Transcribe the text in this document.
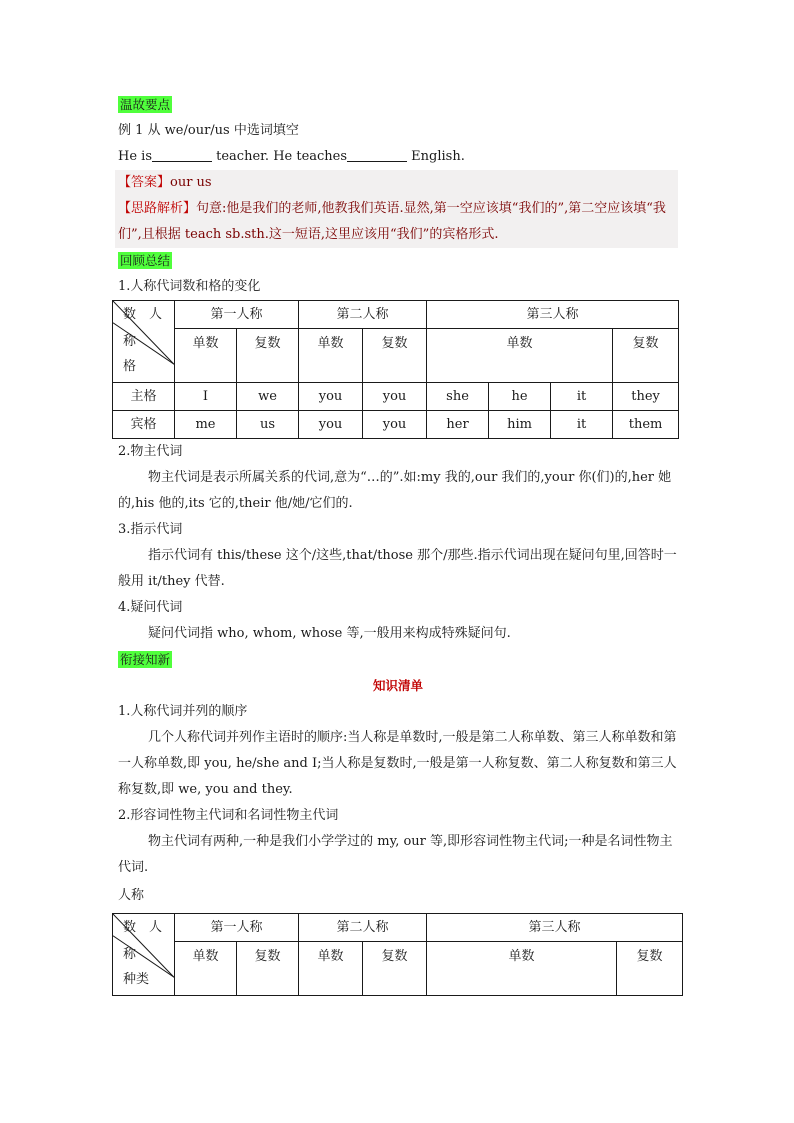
温故要点
例 1 从 we/our/us 中选词填空
He is	teacher. He teaches	English.
【答案】our us
【思路解析】句意:他是我们的老师,他教我们英语.显然,第一空应该填“我们的”,第二空应该填“我们”,且根据 teach sb.sth.这一短语,这里应该用“我们”的宾格形式.
回顾总结
1.人称代词数和格的变化
数　人
称
格	第一人称		第二人称		第三人称			
	单数	复数	单数	复数	单数			复数
主格	I	we	you	you	she	he	it	they
宾格	me	us	you	you	her	him	it	them
2.物主代词
物主代词是表示所属关系的代词,意为“…的”.如:my 我的,our 我们的,your 你(们)的,her 她的,his 他的,its 它的,their 他/她/它们的.
3.指示代词
指示代词有 this/these 这个/这些,that/those 那个/那些.指示代词出现在疑问句里,回答时一般用 it/they 代替.
4.疑问代词
疑问代词指 who, whom, whose 等,一般用来构成特殊疑问句.
衔接知新
知识清单
1.人称代词并列的顺序
几个人称代词并列作主语时的顺序:当人称是单数时,一般是第二人称单数、第三人称单数和第一人称单数,即 you, he/she and I;当人称是复数时,一般是第一人称复数、第二人称复数和第三人称复数,即 we, you and they.
2.形容词性物主代词和名词性物主代词
物主代词有两种,一种是我们小学学过的 my, our 等,即形容词性物主代词;一种是名词性物主代词.
人称
数　人
称
种类	第一人称		第二人称		第三人称	
	单数	复数	单数	复数	单数	复数
